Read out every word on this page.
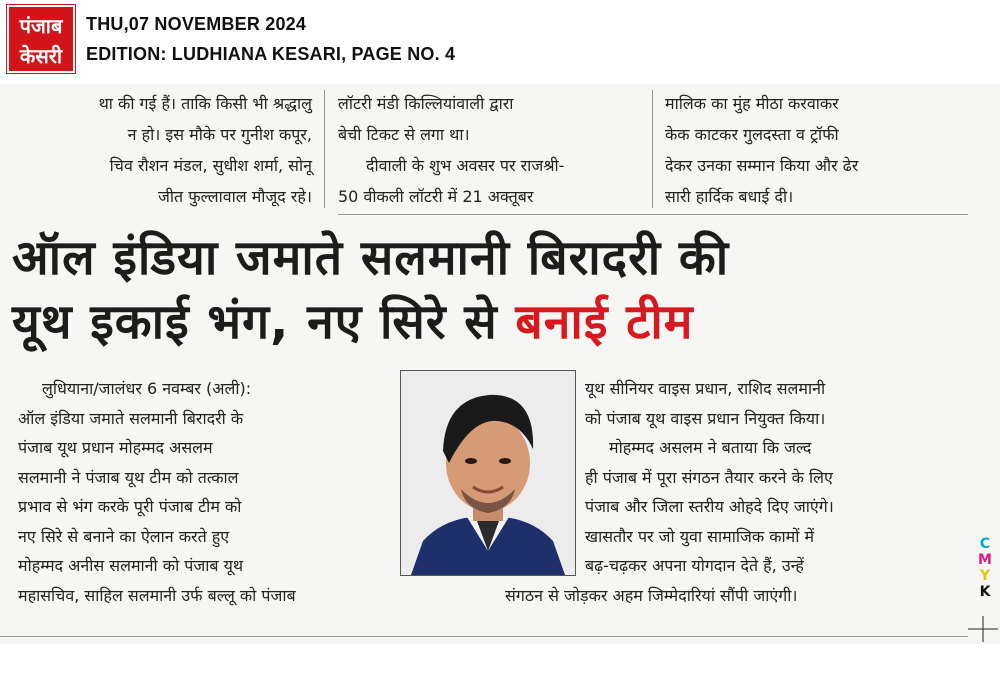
पंजाब
केसरी
THU,07 NOVEMBER 2024
EDITION: LUDHIANA KESARI, PAGE NO. 4
था की गई हैं। ताकि किसी भी श्रद्धालु
न हो। इस मौके पर गुनीश कपूर,
चिव रौशन मंडल, सुधीश शर्मा, सोनू
जीत फुल्लावाल मौजूद रहे।
लॉटरी मंडी किल्लियांवाली द्वारा
बेची टिकट से लगा था।
दीवाली के शुभ अवसर पर राजश्री-
50 वीकली लॉटरी में 21 अक्तूबर
मालिक का मुंह मीठा करवाकर
केक काटकर गुलदस्ता व ट्रॉफी
देकर उनका सम्मान किया और ढेर
सारी हार्दिक बधाई दी।
ऑल इंडिया जमाते सलमानी बिरादरी की
यूथ इकाई भंग, नए सिरे से बनाई टीम
लुधियाना/जालंधर 6 नवम्बर (अली):
ऑल इंडिया जमाते सलमानी बिरादरी के
पंजाब यूथ प्रधान मोहम्मद असलम
सलमानी ने पंजाब यूथ टीम को तत्काल
प्रभाव से भंग करके पूरी पंजाब टीम को
नए सिरे से बनाने का ऐलान करते हुए
मोहम्मद अनीस सलमानी को पंजाब यूथ
महासचिव, साहिल सलमानी उर्फ बल्लू को पंजाब
यूथ सीनियर वाइस प्रधान, राशिद सलमानी
को पंजाब यूथ वाइस प्रधान नियुक्त किया।
मोहम्मद असलम ने बताया कि जल्द
ही पंजाब में पूरा संगठन तैयार करने के लिए
पंजाब और जिला स्तरीय ओहदे दिए जाएंगे।
खासतौर पर जो युवा सामाजिक कामों में
बढ़-चढ़कर अपना योगदान देते हैं, उन्हें
संगठन से जोड़कर अहम जिम्मेदारियां सौंपी जाएंगी।
C
M
Y
K
